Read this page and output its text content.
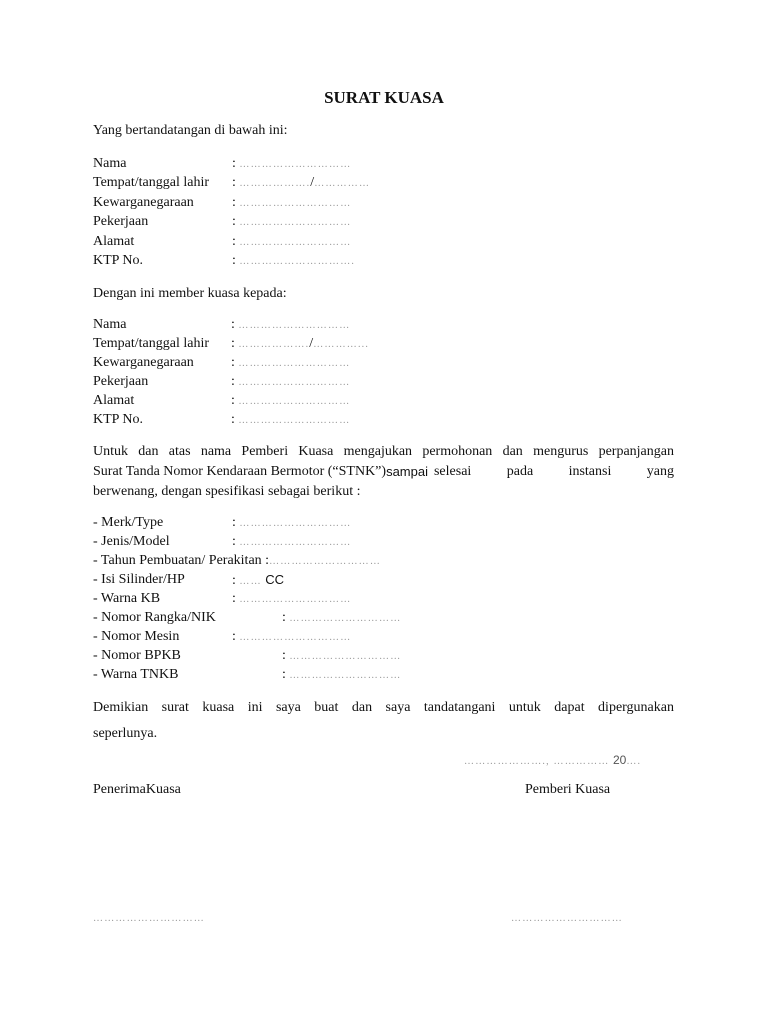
SURAT KUASA
Yang bertandatangan di bawah ini:
Nama	: …………………………
Tempat/tanggal lahir : ………………./……………
Kewarganegaraan	: …………………………
Pekerjaan	: …………………………
Alamat	: …………………………
KTP No.	: ………………………….
Dengan ini member kuasa kepada:
Nama	: …………………………
Tempat/tanggal lahir : ………………./…………...
Kewarganegaraan	: …………………………
Pekerjaan	: …………………………
Alamat	: …………………………
KTP No.	: …………………………
Untuk dan atas nama Pemberi Kuasa mengajukan permohonan dan mengurus perpanjangan
Surat Tanda Nomor Kendaraan Bermotor (“STNK”) sampai selesai pada instansi yang
berwenang, dengan spesifikasi sebagai berikut :
- Merk/Type	: …………………………
- Jenis/Model	: …………………………
- Tahun Pembuatan/ Perakitan :…………………………
- Isi Silinder/HP	: …… CC
- Warna KB	: …………………………
- Nomor Rangka/NIK	: …………………………
- Nomor Mesin	: …………………………
- Nomor BPKB	: …………………………
- Warna TNKB	: …………………………
Demikian surat kuasa ini saya buat dan saya tandatangani untuk dapat dipergunakan
seperlunya.
…………………., …………… 20….
PenerimaKuasa	Pemberi Kuasa
…………………………	…………………………
